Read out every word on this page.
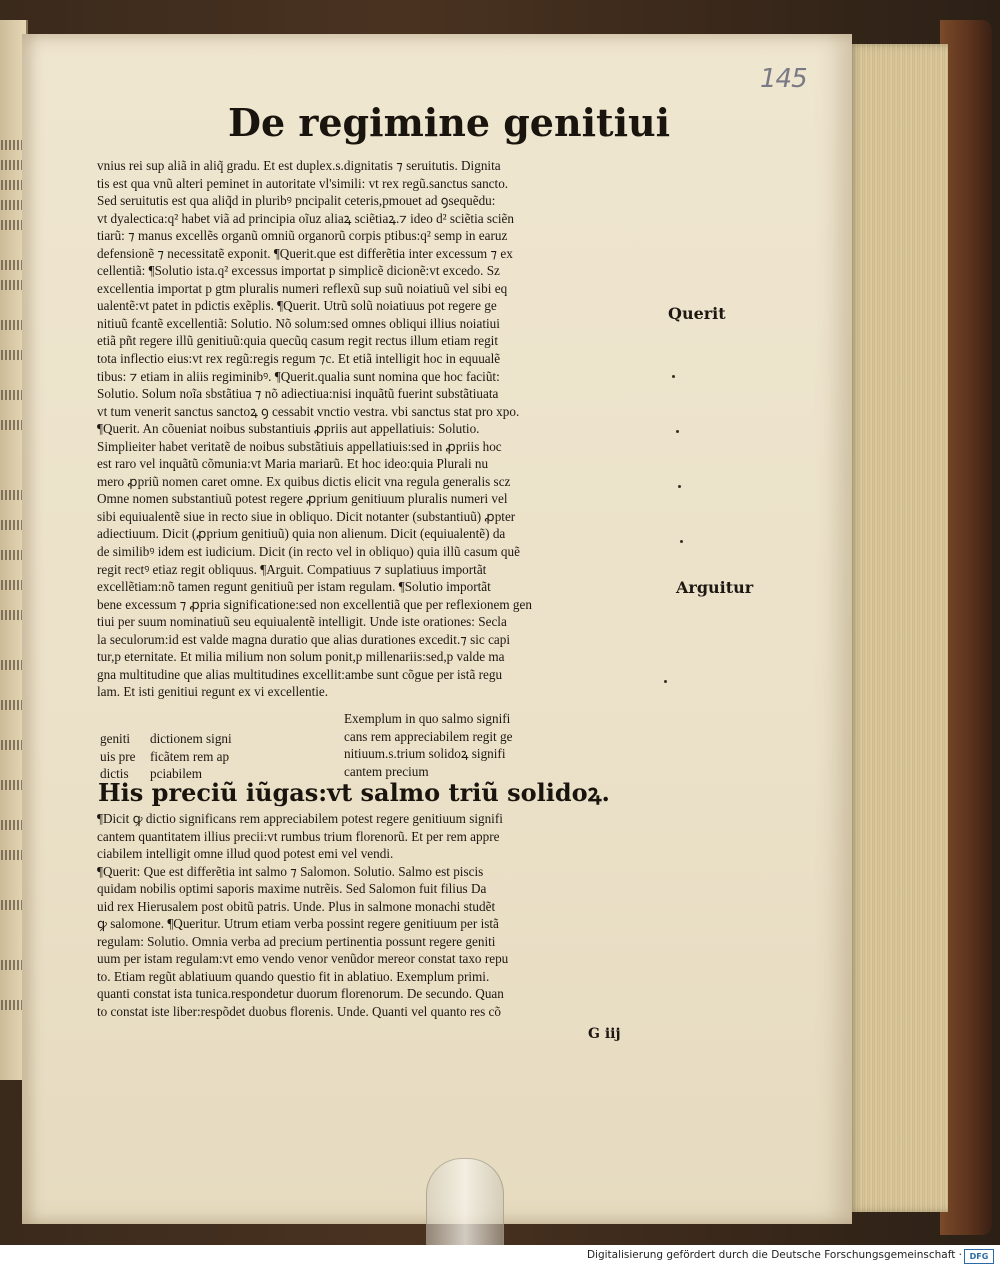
145
De regimine genitiui
vnius rei sup aliã in aliq̃ gradu. Et est duplex.s.dignitatis ⁊ seruitutis. Dignita
tis est qua vnũ alteri peminet in autoritate vl'simili: vt rex regũ.sanctus sancto.
Sed seruitutis est qua aliq̃d in pluribꝰ pncipalit ceteris,pmouet ad ꝯsequẽdu:
vt dyalectica:q² habet viã ad principia oĩuz aliaꝝ sciẽtiaꝝ.⁊ ideo d² sciẽtia sciẽn
tiarũ: ⁊ manus excellẽs organũ omniũ organorũ corpis ptibus:q² semp in earuz
defensionẽ ⁊ necessitatẽ exponit. ¶Querit.que est differẽtia inter excessum ⁊ ex
cellentiã: ¶Solutio ista.q² excessus importat p simplicẽ dicionẽ:vt excedo. Sz
excellentia importat p gtm pluralis numeri reflexũ sup suũ noiatiuũ vel sibi eq
ualentẽ:vt patet in pdictis exẽplis. ¶Querit. Utrũ solũ noiatiuus pot regere ge
nitiuũ fcantẽ excellentiã: Solutio. Nõ solum:sed omnes obliqui illius noiatiui
etiã pñt regere illũ genitiuũ:quia quecũq casum regit rectus illum etiam regit
tota inflectio eius:vt rex regũ:regis regum ⁊c. Et etiã intelligit hoc in equualẽ
tibus: ⁊ etiam in aliis regiminibꝰ. ¶Querit.qualia sunt nomina que hoc faciũt:
Solutio. Solum noĩa sbstãtiua ⁊ nõ adiectiua:nisi inquãtũ fuerint substãtiuata
vt tum venerit sanctus sanctoꝝ ꝯ cessabit vnctio vestra. vbi sanctus stat pro xpo.
¶Querit. An cõueniat noibus substantiuis ꝓpriis aut appellatiuis: Solutio.
Simplieiter habet veritatẽ de noibus substãtiuis appellatiuis:sed in ꝓpriis hoc
est raro vel inquãtũ cõmunia:vt Maria mariarũ. Et hoc ideo:quia Plurali nu
mero ꝓpriũ nomen caret omne. Ex quibus dictis elicit vna regula generalis scz
Omne nomen substantiuũ potest regere ꝓprium genitiuum pluralis numeri vel
sibi equiualentẽ siue in recto siue in obliquo. Dicit notanter (substantiuũ) ꝓpter
adiectiuum. Dicit (ꝓprium genitiuũ) quia non alienum. Dicit (equiualentẽ) da
de similibꝰ idem est iudicium. Dicit (in recto vel in obliquo) quia illũ casum quẽ
regit rectꝰ etiaz regit obliquus. ¶Arguit. Compatiuus ⁊ suplatiuus importãt
excellẽtiam:nõ tamen regunt genitiuũ per istam regulam. ¶Solutio importãt
bene excessum ⁊ ꝓpria significatione:sed non excellentiã que per reflexionem gen
tiui per suum nominatiuũ seu equiualentẽ intelligit. Unde iste orationes: Secla
la seculorum:id est valde magna duratio que alias durationes excedit.⁊ sic capi
tur,p eternitate. Et milia milium non solum ponit,p millenariis:sed,p valde ma
gna multitudine que alias multitudines excellit:ambe sunt cõgue per istã regu
lam. Et isti genitiui regunt ex vi excellentie.
Querit
Arguitur
geniti
uis pre
dictis
dictionem signi
ficãtem rem ap
pciabilem
Exemplum in quo salmo signifi
cans rem appreciabilem regit ge
nitiuum.s.trium solidoꝝ signifi
cantem precium
His preciũ iũgas:vt salmo triũ solidoꝝ.
¶Dicit ꝙ dictio significans rem appreciabilem potest regere genitiuum signifi
cantem quantitatem illius precii:vt rumbus trium florenorũ. Et per rem appre
ciabilem intelligit omne illud quod potest emi vel vendi.
¶Querit: Que est differẽtia int salmo ⁊ Salomon. Solutio. Salmo est piscis
quidam nobilis optimi saporis maxime nutrẽis. Sed Salomon fuit filius Da
uid rex Hierusalem post obitũ patris. Unde. Plus in salmone monachi studẽt
ꝙ salomone. ¶Queritur. Utrum etiam verba possint regere genitiuum per istã
regulam: Solutio. Omnia verba ad precium pertinentia possunt regere geniti
uum per istam regulam:vt emo vendo venor venũdor mereor constat taxo repu
to. Etiam regũt ablatiuum quando questio fit in ablatiuo. Exemplum primi.
quanti constat ista tunica.respondetur duorum florenorum. De secundo. Quan
to constat iste liber:respõdet duobus florenis. Unde. Quanti vel quanto res cõ
G iij
Digitalisierung gefördert durch die Deutsche Forschungsgemeinschaft · DFG
